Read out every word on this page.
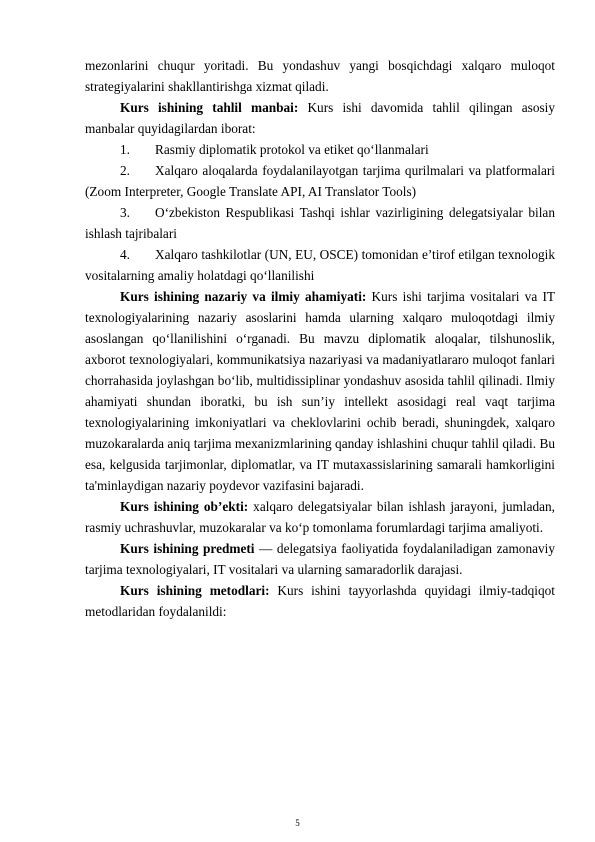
mezonlarini chuqur yoritadi. Bu yondashuv yangi bosqichdagi xalqaro muloqot strategiyalarini shakllantirishga xizmat qiladi.

Kurs ishining tahlil manbai: Kurs ishi davomida tahlil qilingan asosiy manbalar quyidagilardan iborat:

1. Rasmiy diplomatik protokol va etiket qo‘llanmalari

2. Xalqaro aloqalarda foydalanilayotgan tarjima qurilmalari va platformalari (Zoom Interpreter, Google Translate API, AI Translator Tools)

3. O‘zbekiston Respublikasi Tashqi ishlar vazirligining delegatsiyalar bilan ishlash tajribalari

4. Xalqaro tashkilotlar (UN, EU, OSCE) tomonidan e’tirof etilgan texnologik vositalarning amaliy holatdagi qo‘llanilishi

Kurs ishining nazariy va ilmiy ahamiyati: Kurs ishi tarjima vositalari va IT texnologiyalarining nazariy asoslarini hamda ularning xalqaro muloqotdagi ilmiy asoslangan qo‘llanilishini o‘rganadi. Bu mavzu diplomatik aloqalar, tilshunoslik, axborot texnologiyalari, kommunikatsiya nazariyasi va madaniyatlararo muloqot fanlari chorrahasida joylashgan bo‘lib, multidissiplinar yondashuv asosida tahlil qilinadi. Ilmiy ahamiyati shundan iboratki, bu ish sun’iy intellekt asosidagi real vaqt tarjima texnologiyalarining imkoniyatlari va cheklovlarini ochib beradi, shuningdek, xalqaro muzokaralarda aniq tarjima mexanizmlarining qanday ishlashini chuqur tahlil qiladi. Bu esa, kelgusida tarjimonlar, diplomatlar, va IT mutaxassislarining samarali hamkorligini ta'minlaydigan nazariy poydevor vazifasini bajaradi.

Kurs ishining ob’ekti: xalqaro delegatsiyalar bilan ishlash jarayoni, jumladan, rasmiy uchrashuvlar, muzokaralar va ko‘p tomonlama forumlardagi tarjima amaliyoti.

Kurs ishining predmeti — delegatsiya faoliyatida foydalaniladigan zamonaviy tarjima texnologiyalari, IT vositalari va ularning samaradorlik darajasi.

Kurs ishining metodlari: Kurs ishini tayyorlashda quyidagi ilmiy-tadqiqot metodlaridan foydalanildi:

5
